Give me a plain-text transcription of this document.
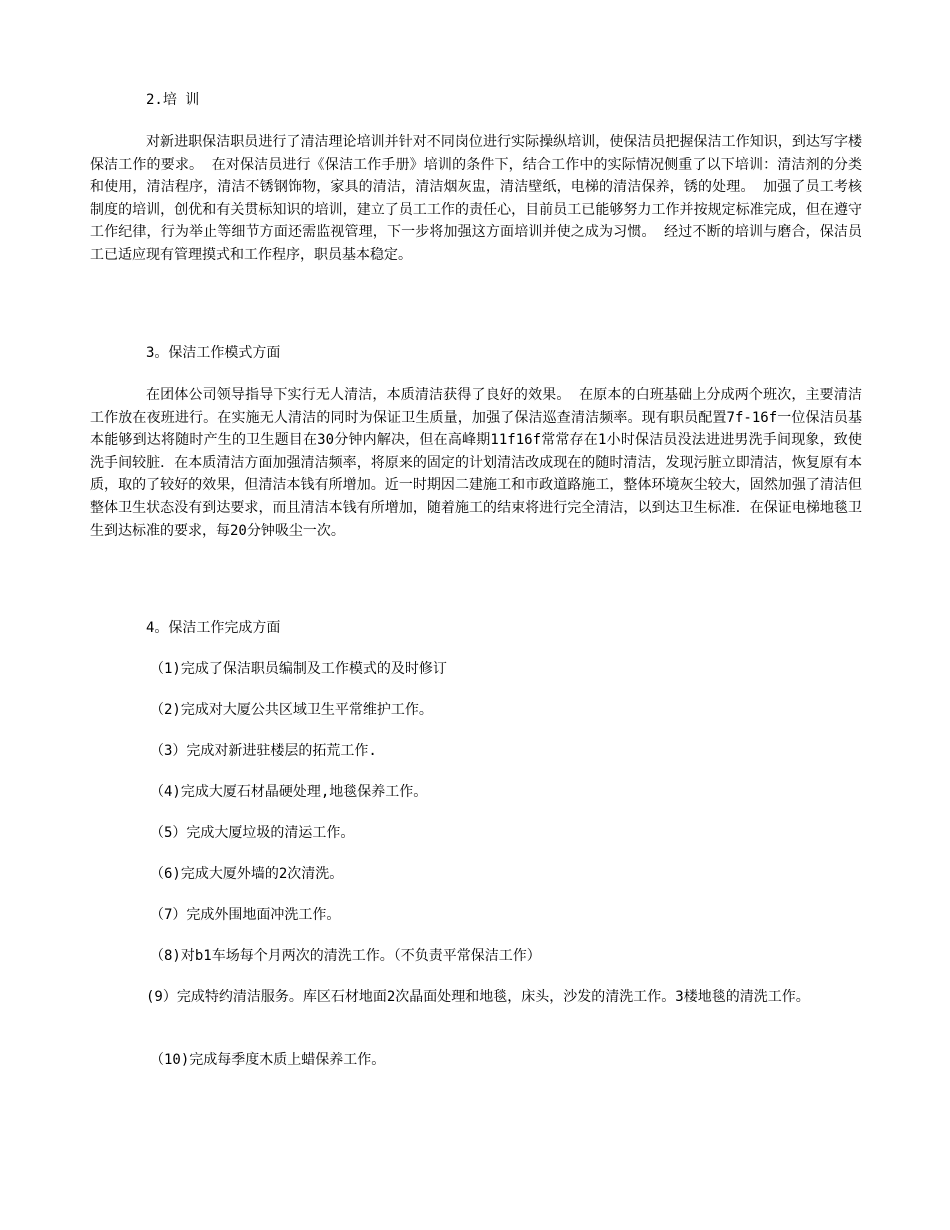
2.培 训

对新进职保洁职员进行了清洁理论培训并针对不同岗位进行实际操纵培训，使保洁员把握保洁工作知识，到达写字楼保洁工作的要求。 在对保洁员进行《保洁工作手册》培训的条件下，结合工作中的实际情况侧重了以下培训：清洁剂的分类和使用，清洁程序，清洁不锈钢饰物，家具的清洁，清洁烟灰盅，清洁壁纸，电梯的清洁保养，锈的处理。 加强了员工考核制度的培训，创优和有关贯标知识的培训，建立了员工工作的责任心，目前员工已能够努力工作并按规定标准完成，但在遵守工作纪律，行为举止等细节方面还需监视管理，下一步将加强这方面培训并使之成为习惯。 经过不断的培训与磨合，保洁员工已适应现有管理摸式和工作程序，职员基本稳定。

3。保洁工作模式方面

在团体公司领导指导下实行无人清洁，本质清洁获得了良好的效果。 在原本的白班基础上分成两个班次，主要清洁工作放在夜班进行。在实施无人清洁的同时为保证卫生质量，加强了保洁巡查清洁频率。现有职员配置7f-16f一位保洁员基本能够到达将随时产生的卫生题目在30分钟内解决，但在高峰期11f16f常常存在1小时保洁员没法进进男洗手间现象，致使洗手间较脏．在本质清洁方面加强清洁频率，将原来的固定的计划清洁改成现在的随时清洁，发现污脏立即清洁，恢复原有本质，取的了较好的效果，但清洁本钱有所增加。近一时期因二建施工和市政道路施工，整体环境灰尘较大，固然加强了清洁但整体卫生状态没有到达要求，而且清洁本钱有所增加，随着施工的结束将进行完全清洁，以到达卫生标准．在保证电梯地毯卫生到达标准的要求，每20分钟吸尘一次。

4。保洁工作完成方面

（1)完成了保洁职员编制及工作模式的及时修订

（2)完成对大厦公共区域卫生平常维护工作。

（3）完成对新进驻楼层的拓荒工作.

（4)完成大厦石材晶硬处理,地毯保养工作。

（5）完成大厦垃圾的清运工作。

（6)完成大厦外墙的2次清洗。

（7）完成外围地面冲洗工作。

（8)对b1车场每个月两次的清洗工作。（不负责平常保洁工作）

(9）完成特约清洁服务。库区石材地面2次晶面处理和地毯，床头，沙发的清洗工作。3楼地毯的清洗工作。

（10)完成每季度木质上蜡保养工作。
